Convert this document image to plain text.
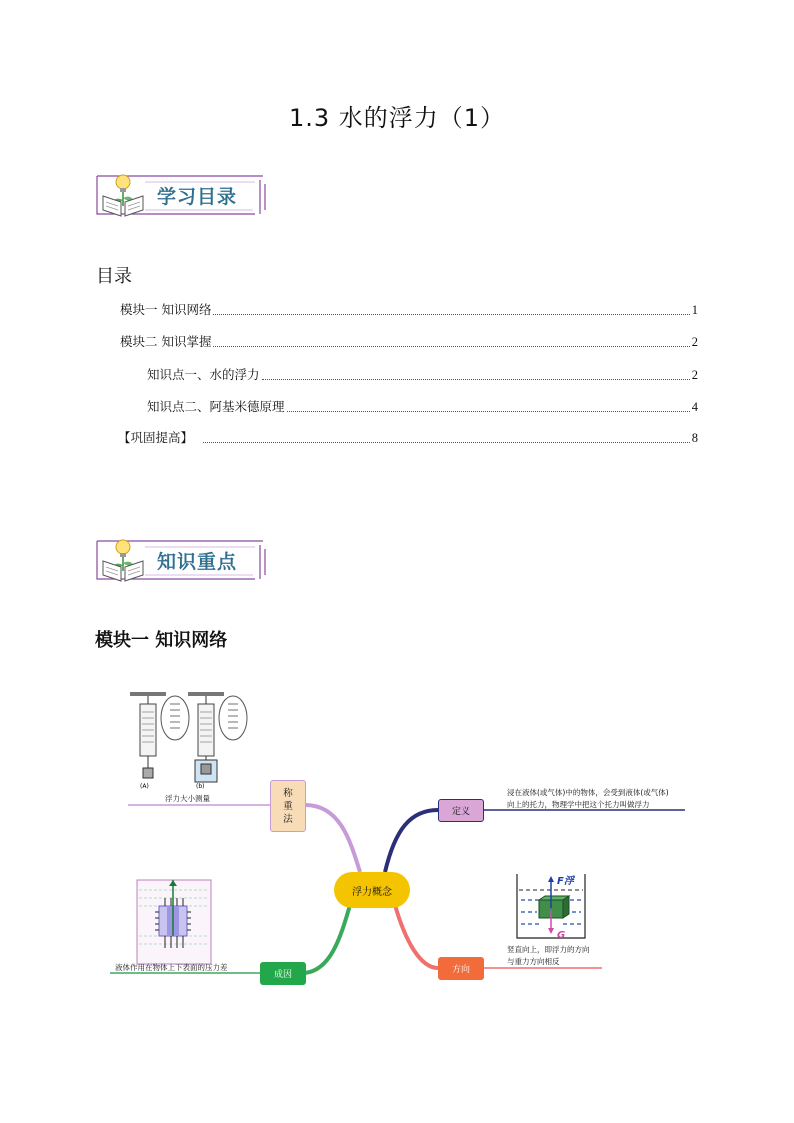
1.3 水的浮力（1）
学习目录
目录
模块一 知识网络	1
模块二 知识掌握	2
知识点一、水的浮力	2
知识点二、阿基米德原理	4
【巩固提高】	8
知识重点
模块一 知识网络
(A)	(b)
F浮
G
浮力概念
称重法
定义
成因	方向
浮力大小测量
浸在液体(或气体)中的物体，会受到液体(或气体)
向上的托力，物理学中把这个托力叫做浮力
液体作用在物体上下表面的压力差
竖直向上，即浮力的方向
与重力方向相反
